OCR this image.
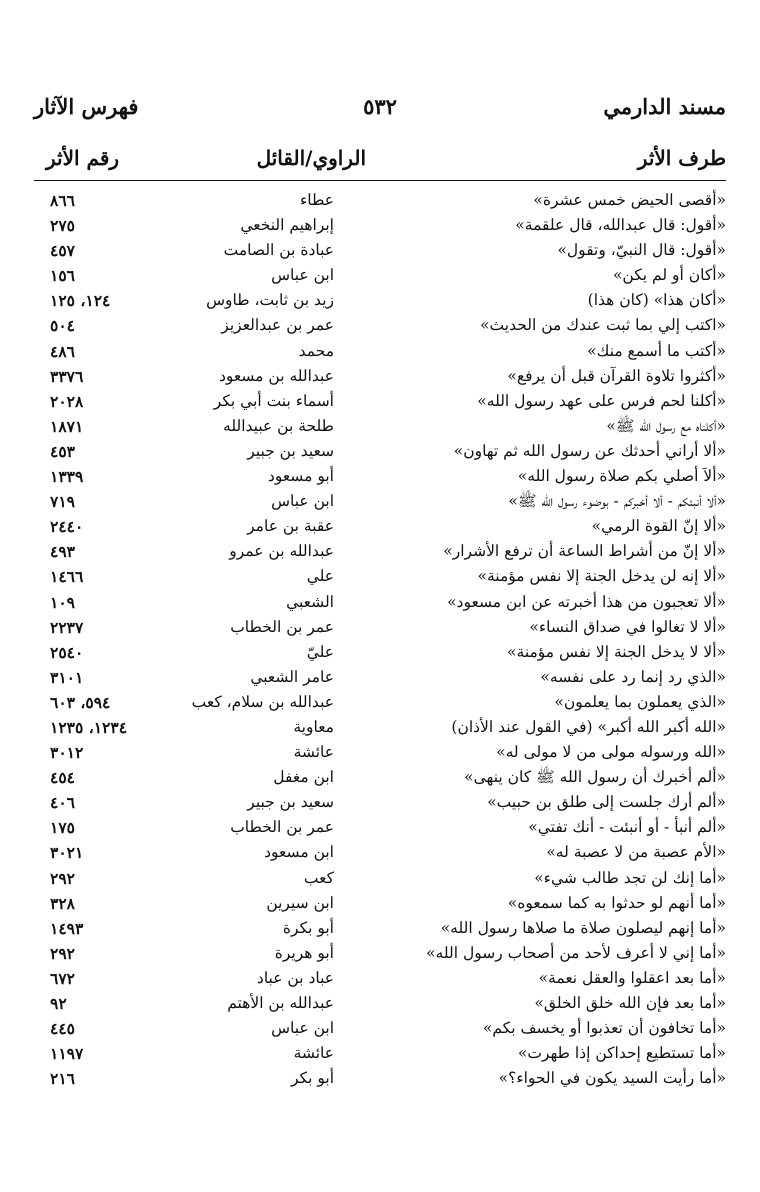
مسند الدارمي
٥٣٢
فهرس الآثار
طرف الأثر
الراوي/القائل
رقم الأثر
«أقصى الحيض خمس عشرة»
عطاء
٨٦٦
«أقول: قال عبدالله، قال علقمة»
إبراهيم النخعي
٢٧٥
«أقول: قال النبيّ، وتقول»
عبادة بن الصامت
٤٥٧
«أكان أو لم يكن»
ابن عباس
١٥٦
«أكان هذا» (كان هذا)
زيد بن ثابت، طاوس
١٢٤، ١٢٥
«اكتب إلي بما ثبت عندك من الحديث»
عمر بن عبدالعزيز
٥٠٤
«أكتب ما أسمع منك»
محمد
٤٨٦
«أكثروا تلاوة القرآن قبل أن يرفع»
عبدالله بن مسعود
٣٣٧٦
«أكلنا لحم فرس على عهد رسول الله»
أسماء بنت أبي بكر
٢٠٢٨
«أكلناه مع رسول الله ﷺ»
طلحة بن عبيدالله
١٨٧١
«ألا أراني أحدثك عن رسول الله ثم تهاون»
سعيد بن جبير
٤٥٣
«ألاَ أصلي بكم صلاة رسول الله»
أبو مسعود
١٣٣٩
«ألا أنبئكم - ألا أخبركم - بوضوء رسول الله ﷺ»
ابن عباس
٧١٩
«ألا إنّ القوة الرمي»
عقبة بن عامر
٢٤٤٠
«ألا إنّ من أشراط الساعة أن ترفع الأشرار»
عبدالله بن عمرو
٤٩٣
«ألا إنه لن يدخل الجنة إلا نفس مؤمنة»
علي
١٤٦٦
«ألا تعجبون من هذا أخبرته عن ابن مسعود»
الشعبي
١٠٩
«ألا لا تغالوا في صداق النساء»
عمر بن الخطاب
٢٢٣٧
«ألا لا يدخل الجنة إلا نفس مؤمنة»
عليّ
٢٥٤٠
«الذي رد إنما رد على نفسه»
عامر الشعبي
٣١٠١
«الذي يعملون بما يعلمون»
عبدالله بن سلام، كعب
٥٩٤، ٦٠٣
«الله أكبر الله أكبر» (في القول عند الأذان)
معاوية
١٢٣٤، ١٢٣٥
«الله ورسوله مولى من لا مولى له»
عائشة
٣٠١٢
«ألم أخبرك أن رسول الله ﷺ كان ينهى»
ابن مغفل
٤٥٤
«ألم أرك جلست إلى طلق بن حبيب»
سعيد بن جبير
٤٠٦
«ألم أنبأ - أو أنبئت - أنك تفتي»
عمر بن الخطاب
١٧٥
«الأم عصبة من لا عصبة له»
ابن مسعود
٣٠٢١
«أما إنك لن تجد طالب شيء»
كعب
٢٩٢
«أما أنهم لو حدثوا به كما سمعوه»
ابن سيرين
٣٢٨
«أما إنهم ليصلون صلاة ما صلاها رسول الله»
أبو بكرة
١٤٩٣
«أما إني لا أعرف لأحد من أصحاب رسول الله»
أبو هريرة
٢٩٢
«أما بعد اعقلوا والعقل نعمة»
عباد بن عباد
٦٧٢
«أما بعد فإن الله خلق الخلق»
عبدالله بن الأهتم
٩٢
«أما تخافون أن تعذبوا أو يخسف بكم»
ابن عباس
٤٤٥
«أما تستطيع إحداكن إذا طهرت»
عائشة
١١٩٧
«أما رأيت السيد يكون في الحواء؟»
أبو بكر
٢١٦
